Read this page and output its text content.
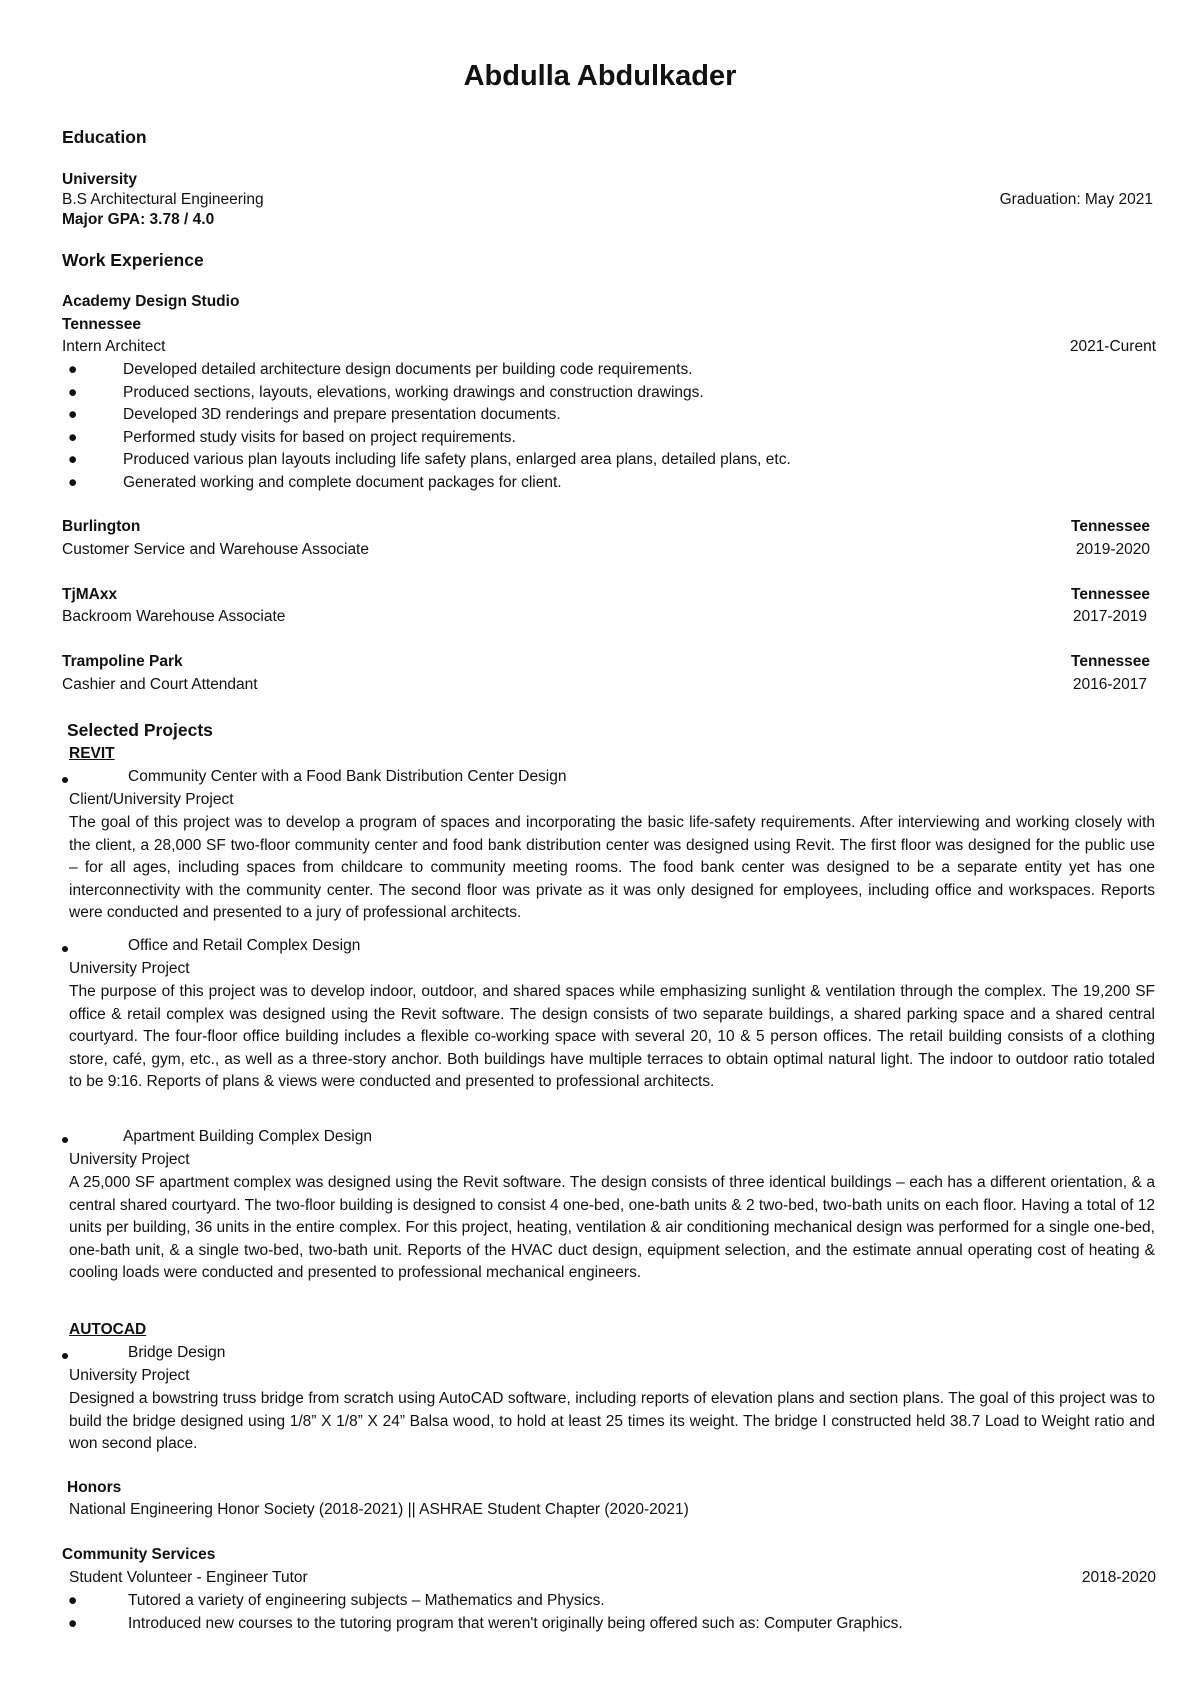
Abdulla Abdulkader
Education
University
B.S Architectural Engineering	Graduation: May 2021
Major GPA: 3.78 / 4.0
Work Experience
Academy Design Studio
Tennessee
Intern Architect	2021-Curent
●	Developed detailed architecture design documents per building code requirements.
●	Produced sections, layouts, elevations, working drawings and construction drawings.
●	Developed 3D renderings and prepare presentation documents.
●	Performed study visits for based on project requirements.
●	Produced various plan layouts including life safety plans, enlarged area plans, detailed plans, etc.
●	Generated working and complete document packages for client.
Burlington	Tennessee
Customer Service and Warehouse Associate	2019-2020
TjMAxx	Tennessee
Backroom Warehouse Associate	2017-2019
Trampoline Park	Tennessee
Cashier and Court Attendant	2016-2017
Selected Projects
REVIT
Community Center with a Food Bank Distribution Center Design
Client/University Project
The goal of this project was to develop a program of spaces and incorporating the basic life-safety requirements. After interviewing and working closely with the client, a 28,000 SF two-floor community center and food bank distribution center was designed using Revit. The first floor was designed for the public use – for all ages, including spaces from childcare to community meeting rooms. The food bank center was designed to be a separate entity yet has one interconnectivity with the community center. The second floor was private as it was only designed for employees, including office and workspaces. Reports were conducted and presented to a jury of professional architects.
Office and Retail Complex Design
University Project
The purpose of this project was to develop indoor, outdoor, and shared spaces while emphasizing sunlight & ventilation through the complex. The 19,200 SF office & retail complex was designed using the Revit software. The design consists of two separate buildings, a shared parking space and a shared central courtyard. The four-floor office building includes a flexible co-working space with several 20, 10 & 5 person offices. The retail building consists of a clothing store, café, gym, etc., as well as a three-story anchor. Both buildings have multiple terraces to obtain optimal natural light. The indoor to outdoor ratio totaled to be 9:16. Reports of plans & views were conducted and presented to professional architects.
Apartment Building Complex Design
University Project
A 25,000 SF apartment complex was designed using the Revit software. The design consists of three identical buildings – each has a different orientation, & a central shared courtyard. The two-floor building is designed to consist 4 one-bed, one-bath units & 2 two-bed, two-bath units on each floor. Having a total of 12 units per building, 36 units in the entire complex. For this project, heating, ventilation & air conditioning mechanical design was performed for a single one-bed, one-bath unit, & a single two-bed, two-bath unit. Reports of the HVAC duct design, equipment selection, and the estimate annual operating cost of heating & cooling loads were conducted and presented to professional mechanical engineers.
AUTOCAD
Bridge Design
University Project
Designed a bowstring truss bridge from scratch using AutoCAD software, including reports of elevation plans and section plans. The goal of this project was to build the bridge designed using 1/8” X 1/8” X 24” Balsa wood, to hold at least 25 times its weight. The bridge I constructed held 38.7 Load to Weight ratio and won second place.
Honors
National Engineering Honor Society (2018-2021) || ASHRAE Student Chapter (2020-2021)
Community Services
Student Volunteer - Engineer Tutor	2018-2020
●	Tutored a variety of engineering subjects – Mathematics and Physics.
●	Introduced new courses to the tutoring program that weren't originally being offered such as: Computer Graphics.
